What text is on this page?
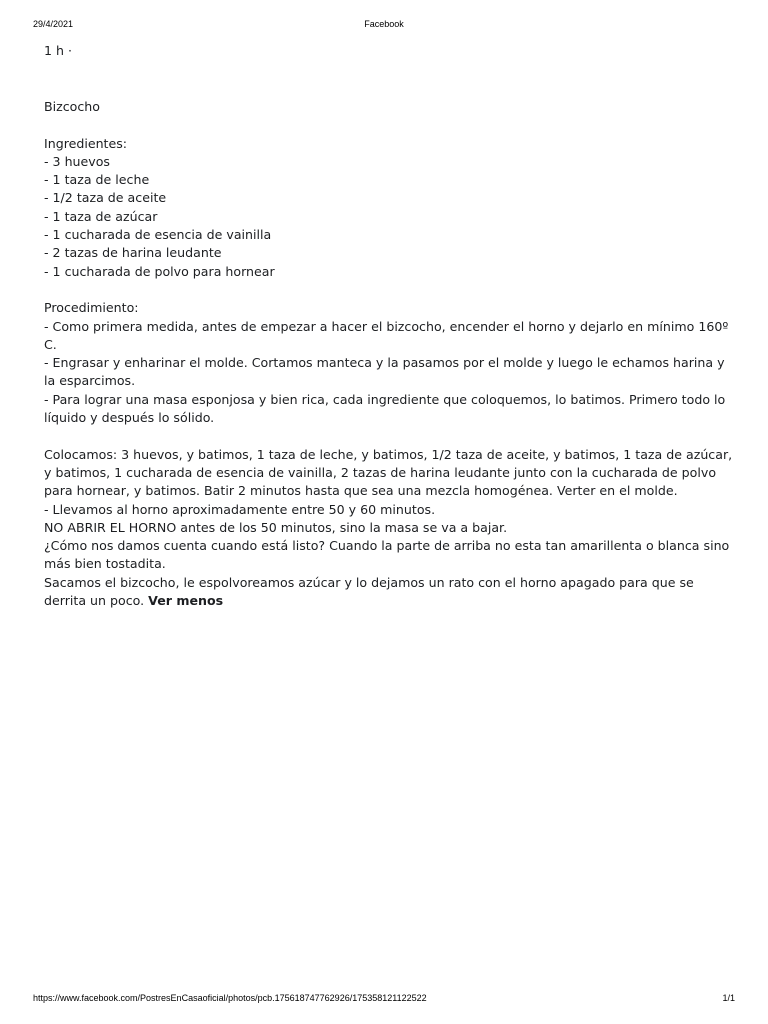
29/4/2021	Facebook
1 h ·

Bizcocho

Ingredientes:

- 3 huevos
- 1 taza de leche
- 1/2 taza de aceite
- 1 taza de azúcar
- 1 cucharada de esencia de vainilla
- 2 tazas de harina leudante
- 1 cucharada de polvo para hornear

Procedimiento:

- Como primera medida, antes de empezar a hacer el bizcocho, encender el horno y dejarlo en mínimo 160º C.

- Engrasar y enharinar el molde. Cortamos manteca y la pasamos por el molde y luego le echamos harina y la esparcimos.

- Para lograr una masa esponjosa y bien rica, cada ingrediente que coloquemos, lo batimos. Primero todo lo líquido y después lo sólido.

Colocamos: 3 huevos, y batimos, 1 taza de leche, y batimos, 1/2 taza de aceite, y batimos, 1 taza de azúcar, y batimos, 1 cucharada de esencia de vainilla, 2 tazas de harina leudante junto con la cucharada de polvo para hornear, y batimos. Batir 2 minutos hasta que sea una mezcla homogénea. Verter en el molde.

- Llevamos al horno aproximadamente entre 50 y 60 minutos.

NO ABRIR EL HORNO antes de los 50 minutos, sino la masa se va a bajar.

¿Cómo nos damos cuenta cuando está listo? Cuando la parte de arriba no esta tan amarillenta o blanca sino más bien tostadita.

Sacamos el bizcocho, le espolvoreamos azúcar y lo dejamos un rato con el horno apagado para que se derrita un poco. Ver menos

https://www.facebook.com/PostresEnCasaoficial/photos/pcb.1756187477629​26/175358121122522	1/1
